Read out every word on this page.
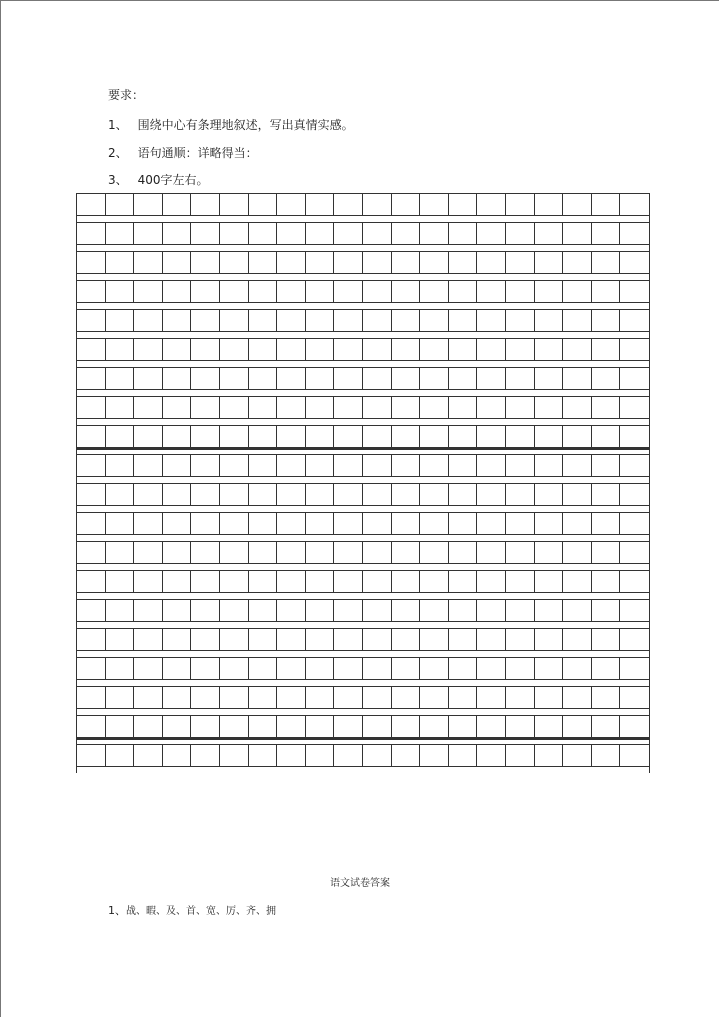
要求：
1、 围绕中心有条理地叙述，写出真情实感。
2、 语句通顺：详略得当：
3、 400字左右。
语文试卷答案
1、战、暇、及、首、宽、厉、齐、拥
